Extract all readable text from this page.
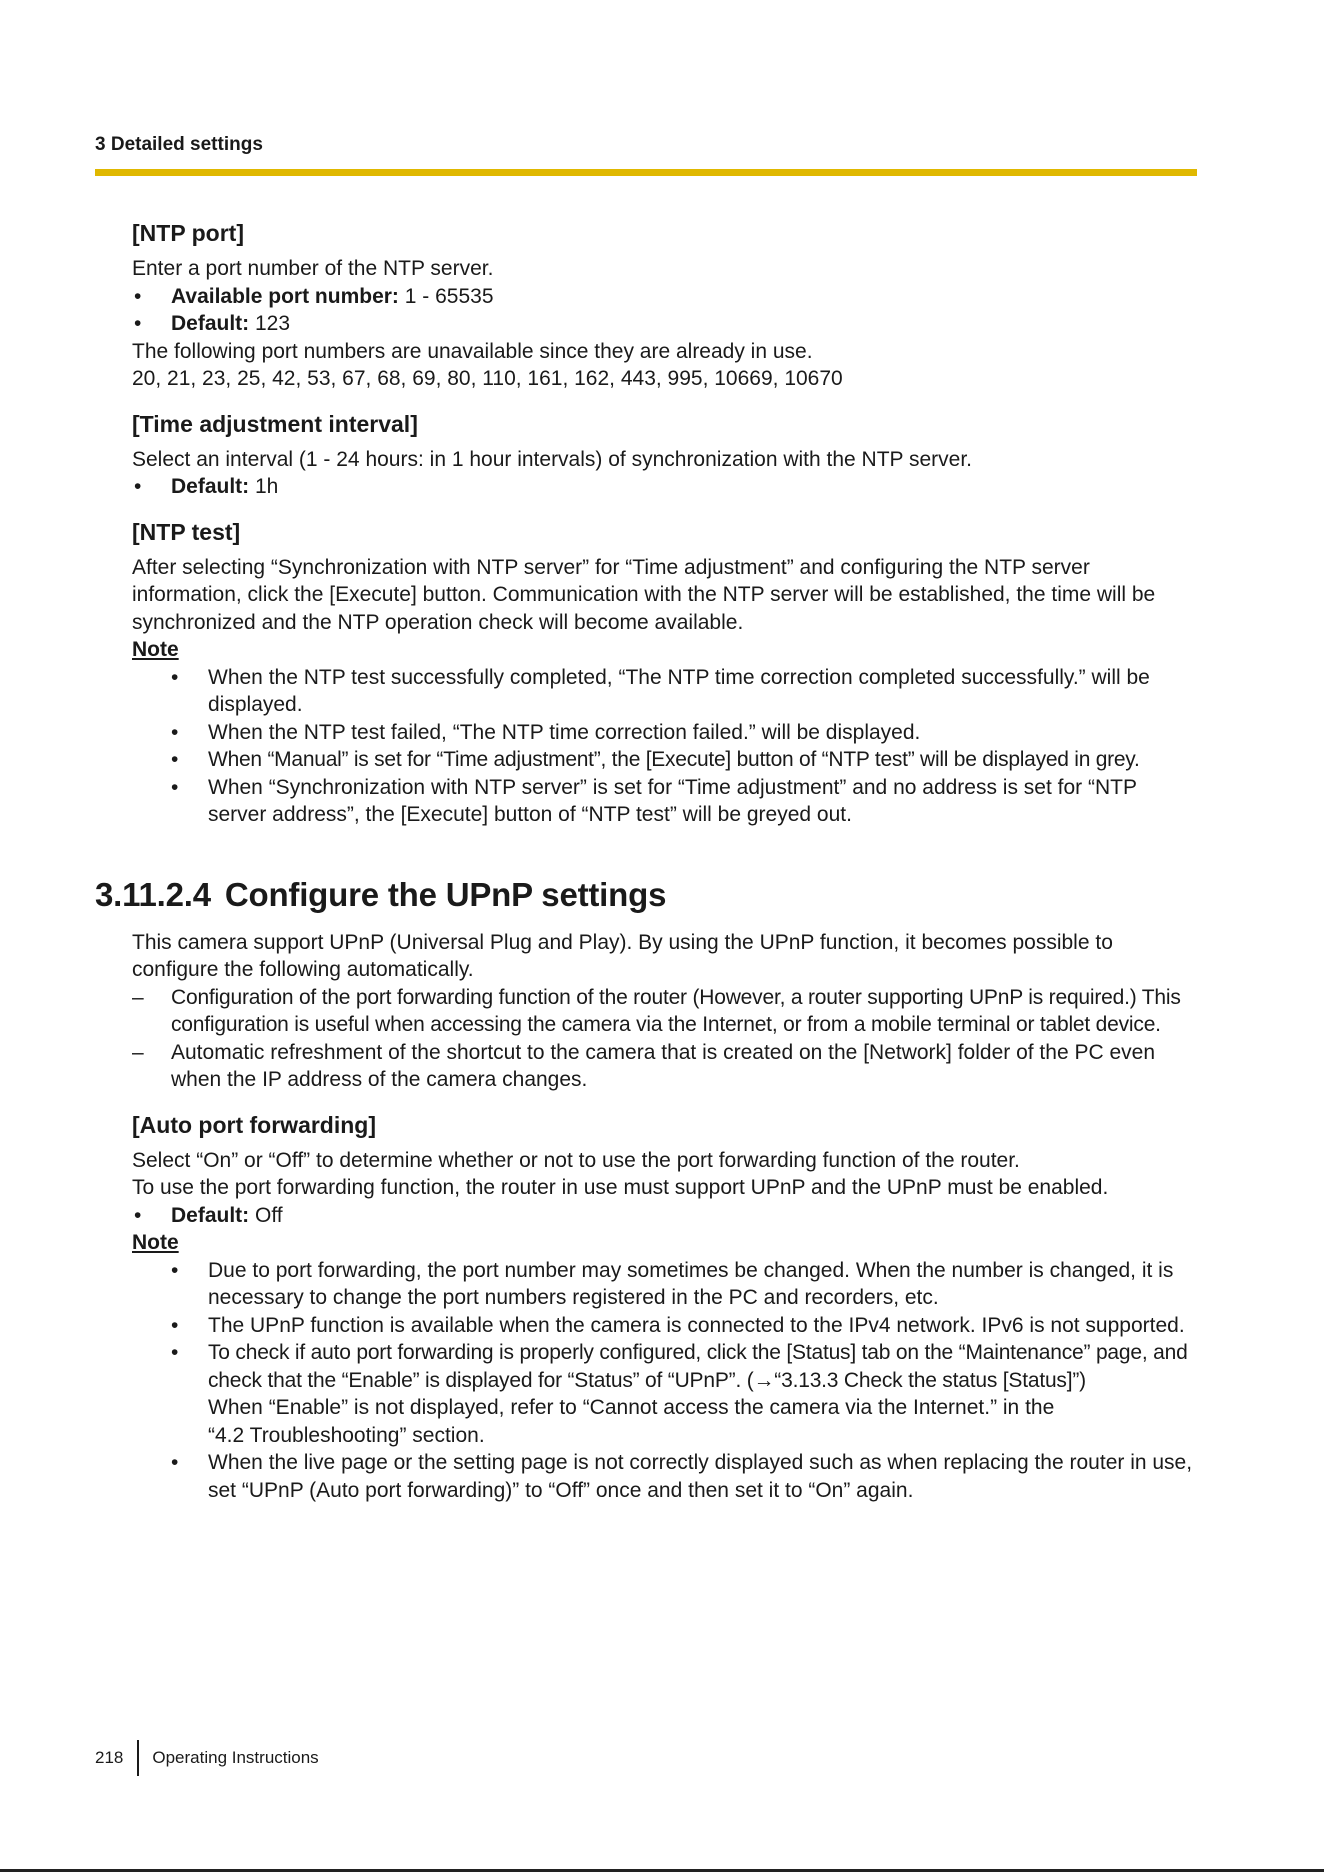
3 Detailed settings
[NTP port]

Enter a port number of the NTP server.

• Available port number: 1 - 65535

• Default: 123

The following port numbers are unavailable since they are already in use.

20, 21, 23, 25, 42, 53, 67, 68, 69, 80, 110, 161, 162, 443, 995, 10669, 10670

[Time adjustment interval]

Select an interval (1 - 24 hours: in 1 hour intervals) of synchronization with the NTP server.

• Default: 1h

[NTP test]

After selecting “Synchronization with NTP server” for “Time adjustment” and configuring the NTP server information, click the [Execute] button. Communication with the NTP server will be established, the time will be synchronized and the NTP operation check will become available.

Note

• When the NTP test successfully completed, “The NTP time correction completed successfully.” will be displayed.

• When the NTP test failed, “The NTP time correction failed.” will be displayed.

• When “Manual” is set for “Time adjustment”, the [Execute] button of “NTP test” will be displayed in grey.

• When “Synchronization with NTP server” is set for “Time adjustment” and no address is set for “NTP server address”, the [Execute] button of “NTP test” will be greyed out.

3.11.2.4 Configure the UPnP settings

This camera support UPnP (Universal Plug and Play). By using the UPnP function, it becomes possible to configure the following automatically.

– Configuration of the port forwarding function of the router (However, a router supporting UPnP is required.) This configuration is useful when accessing the camera via the Internet, or from a mobile terminal or tablet device.

– Automatic refreshment of the shortcut to the camera that is created on the [Network] folder of the PC even when the IP address of the camera changes.

[Auto port forwarding]

Select “On” or “Off” to determine whether or not to use the port forwarding function of the router.

To use the port forwarding function, the router in use must support UPnP and the UPnP must be enabled.

• Default: Off

Note

• Due to port forwarding, the port number may sometimes be changed. When the number is changed, it is necessary to change the port numbers registered in the PC and recorders, etc.

• The UPnP function is available when the camera is connected to the IPv4 network. IPv6 is not supported.

• To check if auto port forwarding is properly configured, click the [Status] tab on the “Maintenance” page, and check that the “Enable” is displayed for “Status” of “UPnP”. (→“3.13.3 Check the status [Status]”)

When “Enable” is not displayed, refer to “Cannot access the camera via the Internet.” in the

“4.2 Troubleshooting” section.

• When the live page or the setting page is not correctly displayed such as when replacing the router in use, set “UPnP (Auto port forwarding)” to “Off” once and then set it to “On” again.

218 Operating Instructions
